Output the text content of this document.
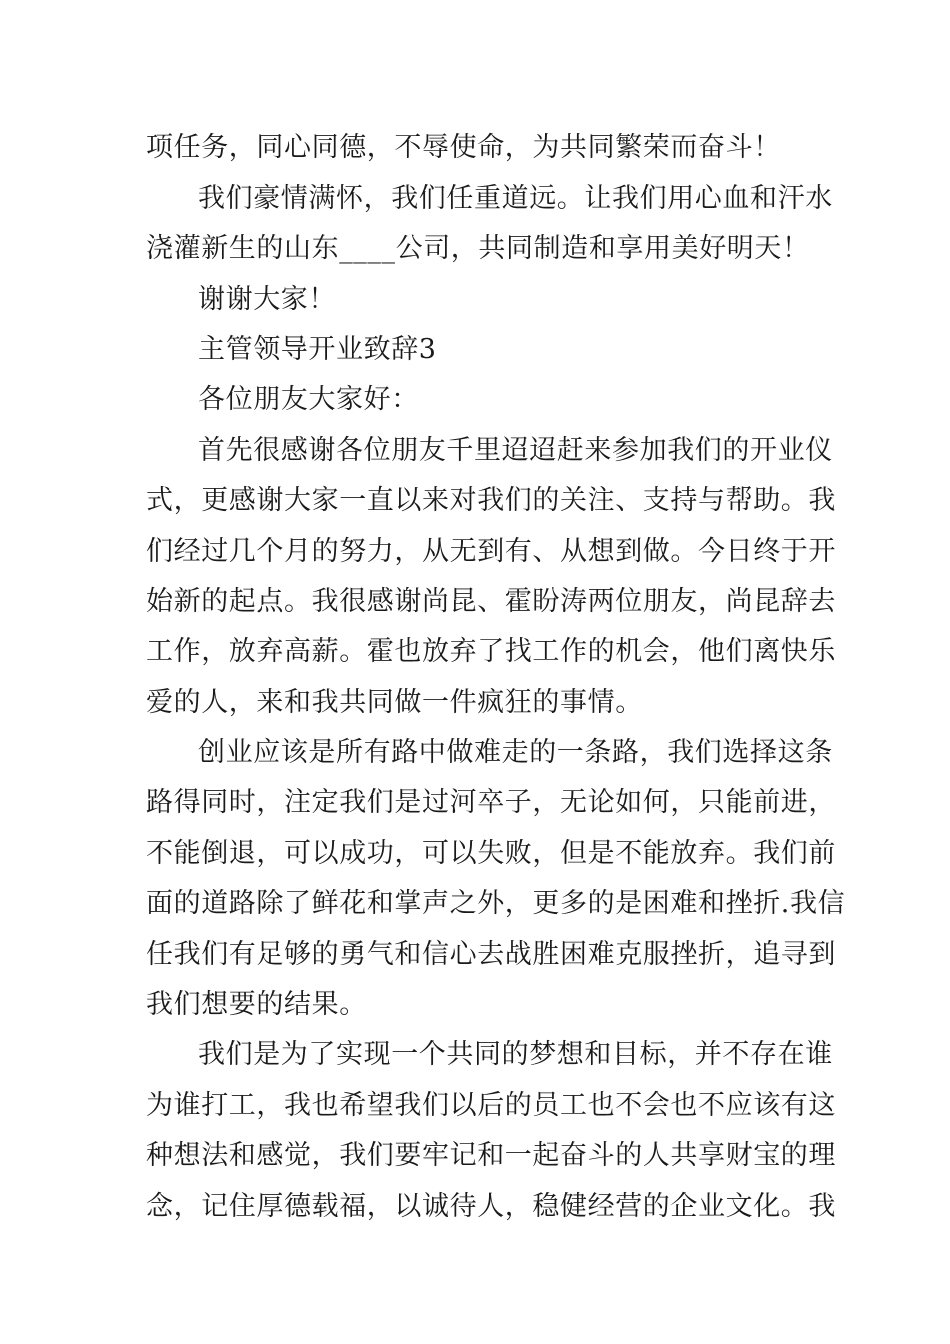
项任务，同心同德，不辱使命，为共同繁荣而奋斗！

我们豪情满怀，我们任重道远。让我们用心血和汗水

浇灌新生的山东____公司，共同制造和享用美好明天！

谢谢大家！

主管领导开业致辞3

各位朋友大家好：

首先很感谢各位朋友千里迢迢赶来参加我们的开业仪

式，更感谢大家一直以来对我们的关注、支持与帮助。我

们经过几个月的努力，从无到有、从想到做。今日终于开

始新的起点。我很感谢尚昆、霍盼涛两位朋友，尚昆辞去

工作，放弃高薪。霍也放弃了找工作的机会，他们离快乐

爱的人，来和我共同做一件疯狂的事情。

创业应该是所有路中做难走的一条路，我们选择这条

路得同时，注定我们是过河卒子，无论如何，只能前进，

不能倒退，可以成功，可以失败，但是不能放弃。我们前

面的道路除了鲜花和掌声之外，更多的是困难和挫折.我信

任我们有足够的勇气和信心去战胜困难克服挫折，追寻到

我们想要的结果。

我们是为了实现一个共同的梦想和目标，并不存在谁

为谁打工，我也希望我们以后的员工也不会也不应该有这

种想法和感觉，我们要牢记和一起奋斗的人共享财宝的理

念，记住厚德载福，以诚待人，稳健经营的企业文化。我
